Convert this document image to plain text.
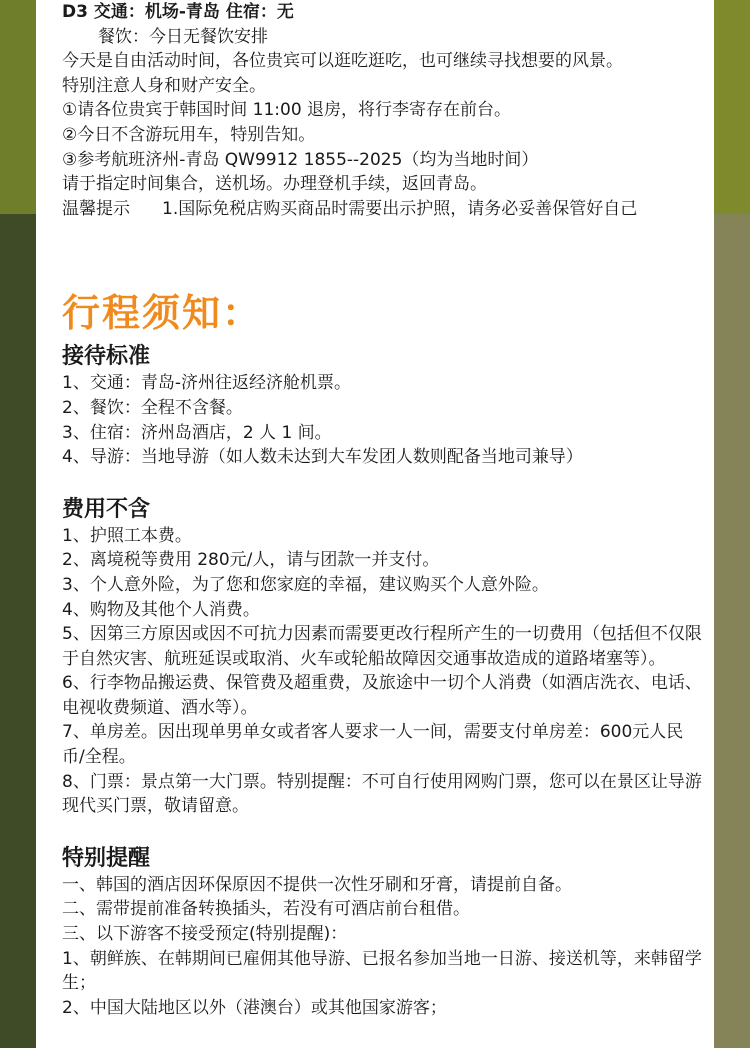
D3 交通：机场-青岛 住宿：无
餐饮：今日无餐饮安排
今天是自由活动时间，各位贵宾可以逛吃逛吃，也可继续寻找想要的风景。
特别注意人身和财产安全。
①请各位贵宾于韩国时间 11:00 退房，将行李寄存在前台。
②今日不含游玩用车，特别告知。
③参考航班济州-青岛 QW9912 1855--2025（均为当地时间）
请于指定时间集合，送机场。办理登机手续，返回青岛。
温馨提示 1.国际免税店购买商品时需要出示护照，请务必妥善保管好自己
行程须知：
接待标准
1、交通：青岛-济州往返经济舱机票。
2、餐饮：全程不含餐。
3、住宿：济州岛酒店，2 人 1 间。
4、导游：当地导游（如人数未达到大车发团人数则配备当地司兼导）
费用不含
1、护照工本费。
2、离境税等费用 280元/人，请与团款一并支付。
3、个人意外险，为了您和您家庭的幸福，建议购买个人意外险。
4、购物及其他个人消费。
5、因第三方原因或因不可抗力因素而需要更改行程所产生的一切费用（包括但不仅限于自然灾害、航班延误或取消、火车或轮船故障因交通事故造成的道路堵塞等）。
6、行李物品搬运费、保管费及超重费，及旅途中一切个人消费（如酒店洗衣、电话、电视收费频道、酒水等）。
7、单房差。因出现单男单女或者客人要求一人一间，需要支付单房差：600元人民币/全程。
8、门票：景点第一大门票。特别提醒：不可自行使用网购门票，您可以在景区让导游现代买门票，敬请留意。
特别提醒
一、韩国的酒店因环保原因不提供一次性牙刷和牙膏，请提前自备。
二、需带提前准备转换插头，若没有可酒店前台租借。
三、以下游客不接受预定(特别提醒)：
1、朝鲜族、在韩期间已雇佣其他导游、已报名参加当地一日游、接送机等，来韩留学生；
2、中国大陆地区以外（港澳台）或其他国家游客；
